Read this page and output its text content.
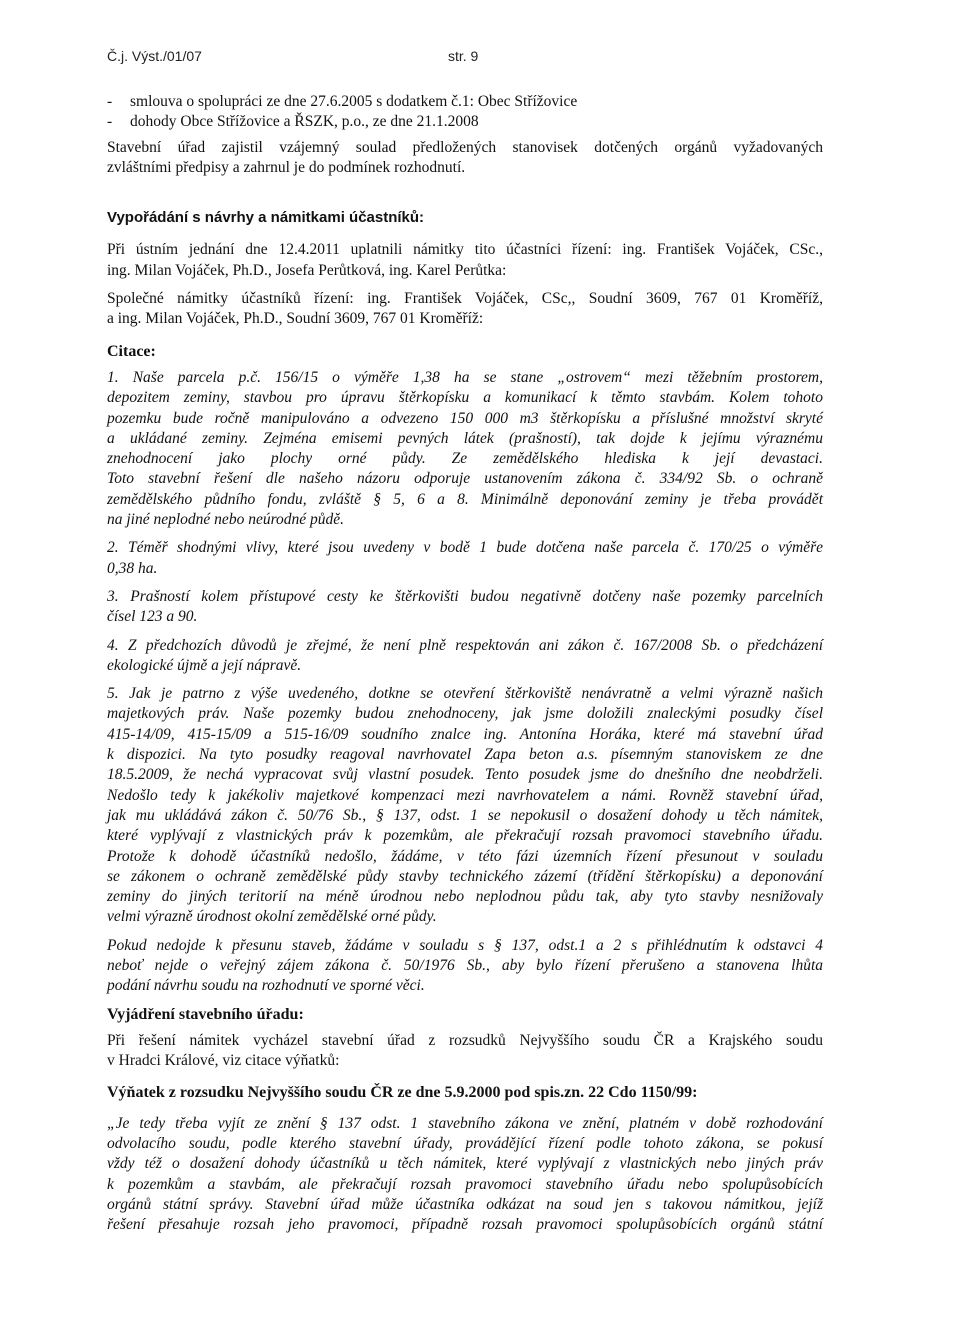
Č.j. Výst./01/07	str. 9
- smlouva o spolupráci ze dne 27.6.2005 s dodatkem č.1: Obec Střížovice
- dohody Obce Střížovice a ŘSZK, p.o., ze dne 21.1.2008

Stavební úřad zajistil vzájemný soulad předložených stanovisek dotčených orgánů vyžadovaných
zvláštními předpisy a zahrnul je do podmínek rozhodnutí.

Vypořádání s návrhy a námitkami účastníků:

Při ústním jednání dne 12.4.2011 uplatnili námitky tito účastníci řízení: ing. František Vojáček, CSc.,
ing. Milan Vojáček, Ph.D., Josefa Perůtková, ing. Karel Perůtka:

Společné námitky účastníků řízení: ing. František Vojáček, CSc,, Soudní 3609, 767 01 Kroměříž,
a ing. Milan Vojáček, Ph.D., Soudní 3609, 767 01 Kroměříž:

Citace:

1. Naše parcela p.č. 156/15 o výměře 1,38 ha se stane „ostrovem“ mezi těžebním prostorem,
depozitem zeminy, stavbou pro úpravu štěrkopísku a komunikací k těmto stavbám. Kolem tohoto
pozemku bude ročně manipulováno a odvezeno 150 000 m3 štěrkopísku a příslušné množství skryté
a ukládané zeminy. Zejména emisemi pevných látek (prašností), tak dojde k jejímu výraznému
znehodnocení jako plochy orné půdy. Ze zemědělského hlediska k její devastaci.
Toto stavební řešení dle našeho názoru odporuje ustanovením zákona č. 334/92 Sb. o ochraně
zemědělského půdního fondu, zvláště § 5, 6 a 8. Minimálně deponování zeminy je třeba provádět
na jiné neplodné nebo neúrodné půdě.

2. Téměř shodnými vlivy, které jsou uvedeny v bodě 1 bude dotčena naše parcela č. 170/25 o výměře
0,38 ha.

3. Prašností kolem přístupové cesty ke štěrkovišti budou negativně dotčeny naše pozemky parcelních
čísel 123 a 90.

4. Z předchozích důvodů je zřejmé, že není plně respektován ani zákon č. 167/2008 Sb. o předcházení
ekologické újmě a její nápravě.

5. Jak je patrno z výše uvedeného, dotkne se otevření štěrkoviště nenávratně a velmi výrazně našich
majetkových práv. Naše pozemky budou znehodnoceny, jak jsme doložili znaleckými posudky čísel
415-14/09, 415-15/09 a 515-16/09 soudního znalce ing. Antonína Horáka, které má stavební úřad
k dispozici. Na tyto posudky reagoval navrhovatel Zapa beton a.s. písemným stanoviskem ze dne
18.5.2009, že nechá vypracovat svůj vlastní posudek. Tento posudek jsme do dnešního dne neobdrželi.
Nedošlo tedy k jakékoliv majetkové kompenzaci mezi navrhovatelem a námi. Rovněž stavební úřad,
jak mu ukládává zákon č. 50/76 Sb., § 137, odst. 1 se nepokusil o dosažení dohody u těch námitek,
které vyplývají z vlastnických práv k pozemkům, ale překračují rozsah pravomoci stavebního úřadu.
Protože k dohodě účastníků nedošlo, žádáme, v této fázi územních řízení přesunout v souladu
se zákonem o ochraně zemědělské půdy stavby technického zázemí (třídění štěrkopísku) a deponování
zeminy do jiných teritorií na méně úrodnou nebo neplodnou půdu tak, aby tyto stavby nesnižovaly
velmi výrazně úrodnost okolní zemědělské orné půdy.

Pokud nedojde k přesunu staveb, žádáme v souladu s § 137, odst.1 a 2 s přihlédnutím k odstavci 4
neboť nejde o veřejný zájem zákona č. 50/1976 Sb., aby bylo řízení přerušeno a stanovena lhůta
podání návrhu soudu na rozhodnutí ve sporné věci.

Vyjádření stavebního úřadu:

Při řešení námitek vycházel stavební úřad z rozsudků Nejvyššího soudu ČR a Krajského soudu
v Hradci Králové, viz citace výňatků:

Výňatek z rozsudku Nejvyššího soudu ČR ze dne 5.9.2000 pod spis.zn. 22 Cdo 1150/99:

„Je tedy třeba vyjít ze znění § 137 odst. 1 stavebního zákona ve znění, platném v době rozhodování
odvolacího soudu, podle kterého stavební úřady, provádějící řízení podle tohoto zákona, se pokusí
vždy též o dosažení dohody účastníků u těch námitek, které vyplývají z vlastnických nebo jiných práv
k pozemkům a stavbám, ale překračují rozsah pravomoci stavebního úřadu nebo spolupůsobících
orgánů státní správy. Stavební úřad může účastníka odkázat na soud jen s takovou námitkou, jejíž
řešení přesahuje rozsah jeho pravomoci, případně rozsah pravomoci spolupůsobících orgánů státní
